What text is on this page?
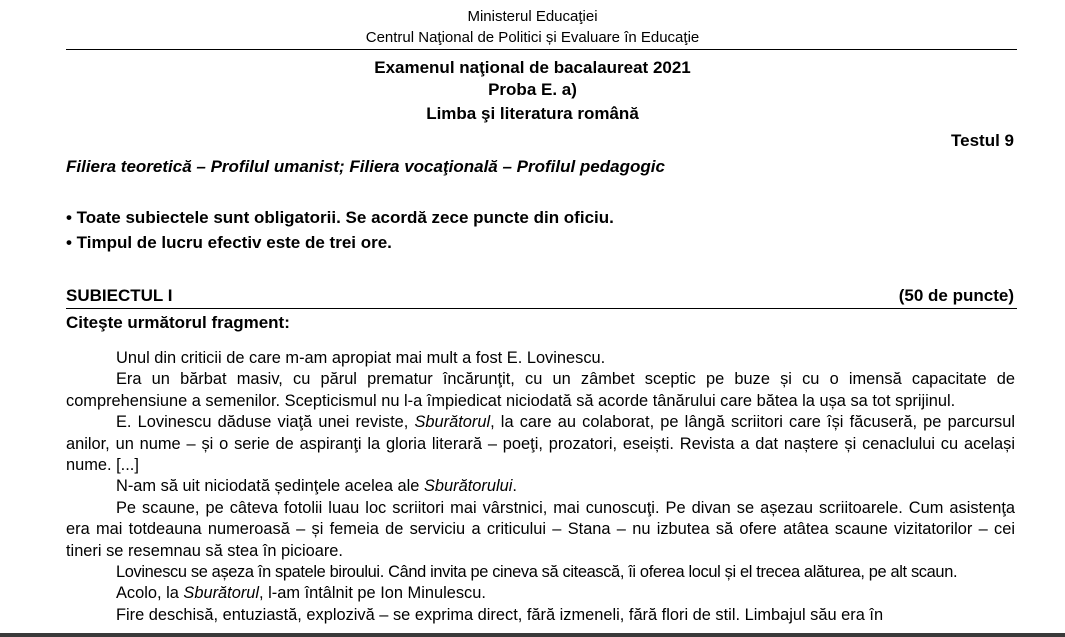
Ministerul Educaţiei
Centrul Naţional de Politici și Evaluare în Educaţie
Examenul naţional de bacalaureat 2021
Proba E. a)
Limba şi literatura română
Testul 9
Filiera teoretică – Profilul umanist; Filiera vocaţională – Profilul pedagogic
• Toate subiectele sunt obligatorii. Se acordă zece puncte din oficiu.
• Timpul de lucru efectiv este de trei ore.
SUBIECTUL I	(50 de puncte)
Citeşte următorul fragment:

Unul din criticii de care m-am apropiat mai mult a fost E. Lovinescu.

Era un bărbat masiv, cu părul prematur încărunţit, cu un zâmbet sceptic pe buze și cu o imensă capacitate de comprehensiune a semenilor. Scepticismul nu l-a împiedicat niciodată să acorde tânărului care bătea la ușa sa tot sprijinul.

E. Lovinescu dăduse viaţă unei reviste, Sburătorul, la care au colaborat, pe lângă scriitori care își făcuseră, pe parcursul anilor, un nume – și o serie de aspiranţi la gloria literară – poeţi, prozatori, eseiști. Revista a dat naștere și cenaclului cu același nume. [...]

N-am să uit niciodată ședinţele acelea ale Sburătorului.

Pe scaune, pe câteva fotolii luau loc scriitori mai vârstnici, mai cunoscuţi. Pe divan se așezau scriitoarele. Cum asistenţa era mai totdeauna numeroasă – și femeia de serviciu a criticului – Stana – nu izbutea să ofere atâtea scaune vizitatorilor – cei tineri se resemnau să stea în picioare.

Lovinescu se așeza în spatele biroului. Când invita pe cineva să citească, îi oferea locul și el trecea alăturea, pe alt scaun.

Acolo, la Sburătorul, l-am întâlnit pe Ion Minulescu.

Fire deschisă, entuziastă, explozivă – se exprima direct, fără izmeneli, fără flori de stil. Limbajul său era în
